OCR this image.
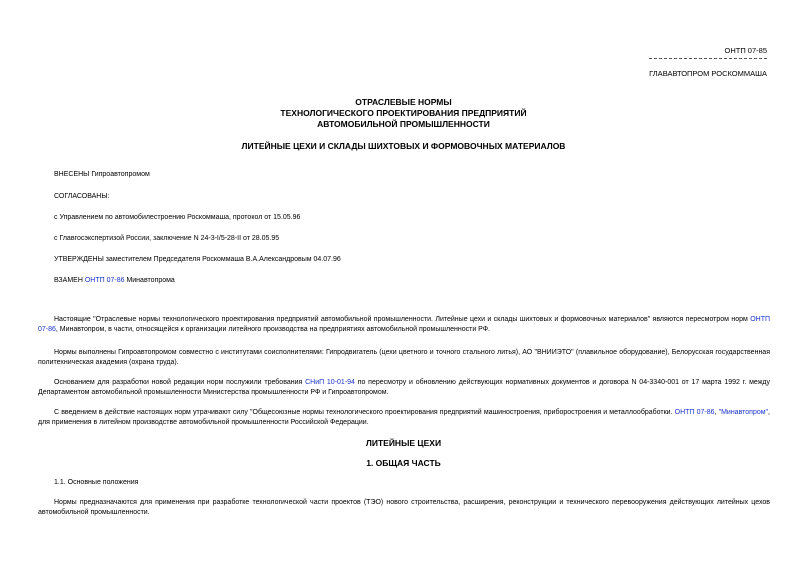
ОНТП 07-85
ГЛАВАВТОПРОМ РОСКОММАША
ОТРАСЛЕВЫЕ НОРМЫ
ТЕХНОЛОГИЧЕСКОГО ПРОЕКТИРОВАНИЯ ПРЕДПРИЯТИЙ
АВТОМОБИЛЬНОЙ ПРОМЫШЛЕННОСТИ
ЛИТЕЙНЫЕ ЦЕХИ И СКЛАДЫ ШИХТОВЫХ И ФОРМОВОЧНЫХ МАТЕРИАЛОВ
ВНЕСЕНЫ Гипроавтопромом
СОГЛАСОВАНЫ:
с Управлением по автомобилестроению Роскоммаша, протокол от 15.05.96
с Главгосэкспертизой России, заключение N 24-3-I/5-28-II от 28.05.95
УТВЕРЖДЕНЫ заместителем Председателя Роскоммаша В.А.Александровым 04.07.96
ВЗАМЕН ОНТП 07-86 Минавтопрома
Настоящие "Отраслевые нормы технологического проектирования предприятий автомобильной промышленности. Литейные цехи и склады шихтовых и формовочных материалов" являются пересмотром норм ОНТП 07-86, Минавтопром, в части, относящейся к организации литейного производства на предприятиях автомобильной промышленности РФ.
Нормы выполнены Гипроавтопромом совместно с институтами соисполнителями: Гипродвигатель (цехи цветного и точного стального литья), АО "ВНИИЭТО" (плавильное оборудование), Белорусская государственная политехническая академия (охрана труда).
Основанием для разработки новой редакции норм послужили требования СНиП 10-01-94 по пересмотру и обновлению действующих нормативных документов и договора N 04-3340-001 от 17 марта 1992 г. между Департаментом автомобильной промышленности Министерства промышленности РФ и Гипроавтопромом.
С введением в действие настоящих норм утрачивают силу "Общесоюзные нормы технологического проектирования предприятий машиностроения, приборостроения и металлообработки. ОНТП 07-86, "Минавтопром", для применения в литейном производстве автомобильной промышленности Российской Федерации.
ЛИТЕЙНЫЕ ЦЕХИ
1. ОБЩАЯ ЧАСТЬ
1.1. Основные положения
Нормы предназначаются для применения при разработке технологической части проектов (ТЭО) нового строительства, расширения, реконструкции и технического перевооружения действующих литейных цехов автомобильной промышленности.
